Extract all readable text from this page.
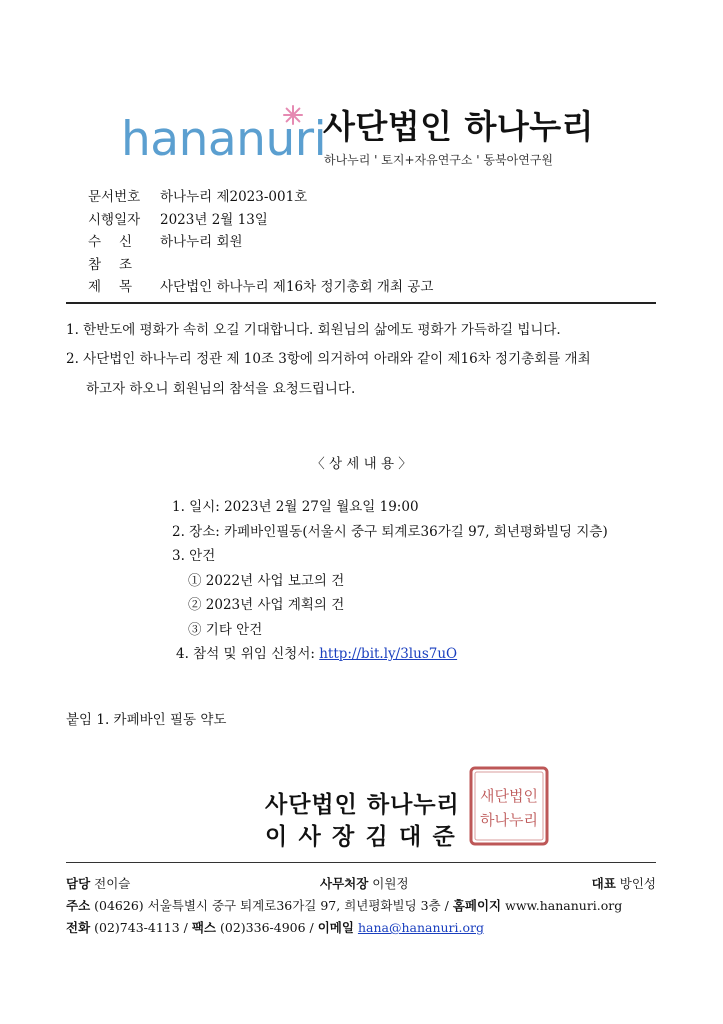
hananuri
사단법인 하나누리
하나누리 ' 토지+자유연구소 ' 동북아연구원
문서번호	하나누리 제2023-001호
시행일자	2023년 2월 13일
수 신 하나누리 회원
참 조
제 목 사단법인 하나누리 제16차 정기총회 개최 공고
1. 한반도에 평화가 속히 오길 기대합니다. 회원님의 삶에도 평화가 가득하길 빕니다.
2. 사단법인 하나누리 정관 제 10조 3항에 의거하여 아래와 같이 제16차 정기총회를 개최
하고자 하오니 회원님의 참석을 요청드립니다.
〈 상 세 내 용 〉
1. 일시: 2023년 2월 27일 월요일 19:00
2. 장소: 카페바인필동(서울시 중구 퇴계로36가길 97, 희년평화빌딩 지층)
3. 안건
① 2022년 사업 보고의 건
② 2023년 사업 계획의 건
③ 기타 안건
4. 참석 및 위임 신청서: http://bit.ly/3lus7uO
붙임 1. 카페바인 필동 약도
사단법인 하나누리
이 사 장 김 대 준
새단법인
하나누리
담당 전이슬	사무처장 이원정	대표 방인성
주소 (04626) 서울특별시 중구 퇴계로36가길 97, 희년평화빌딩 3층 / 홈페이지 www.hananuri.org
전화 (02)743-4113 / 팩스 (02)336-4906 / 이메일 hana@hananuri.org
